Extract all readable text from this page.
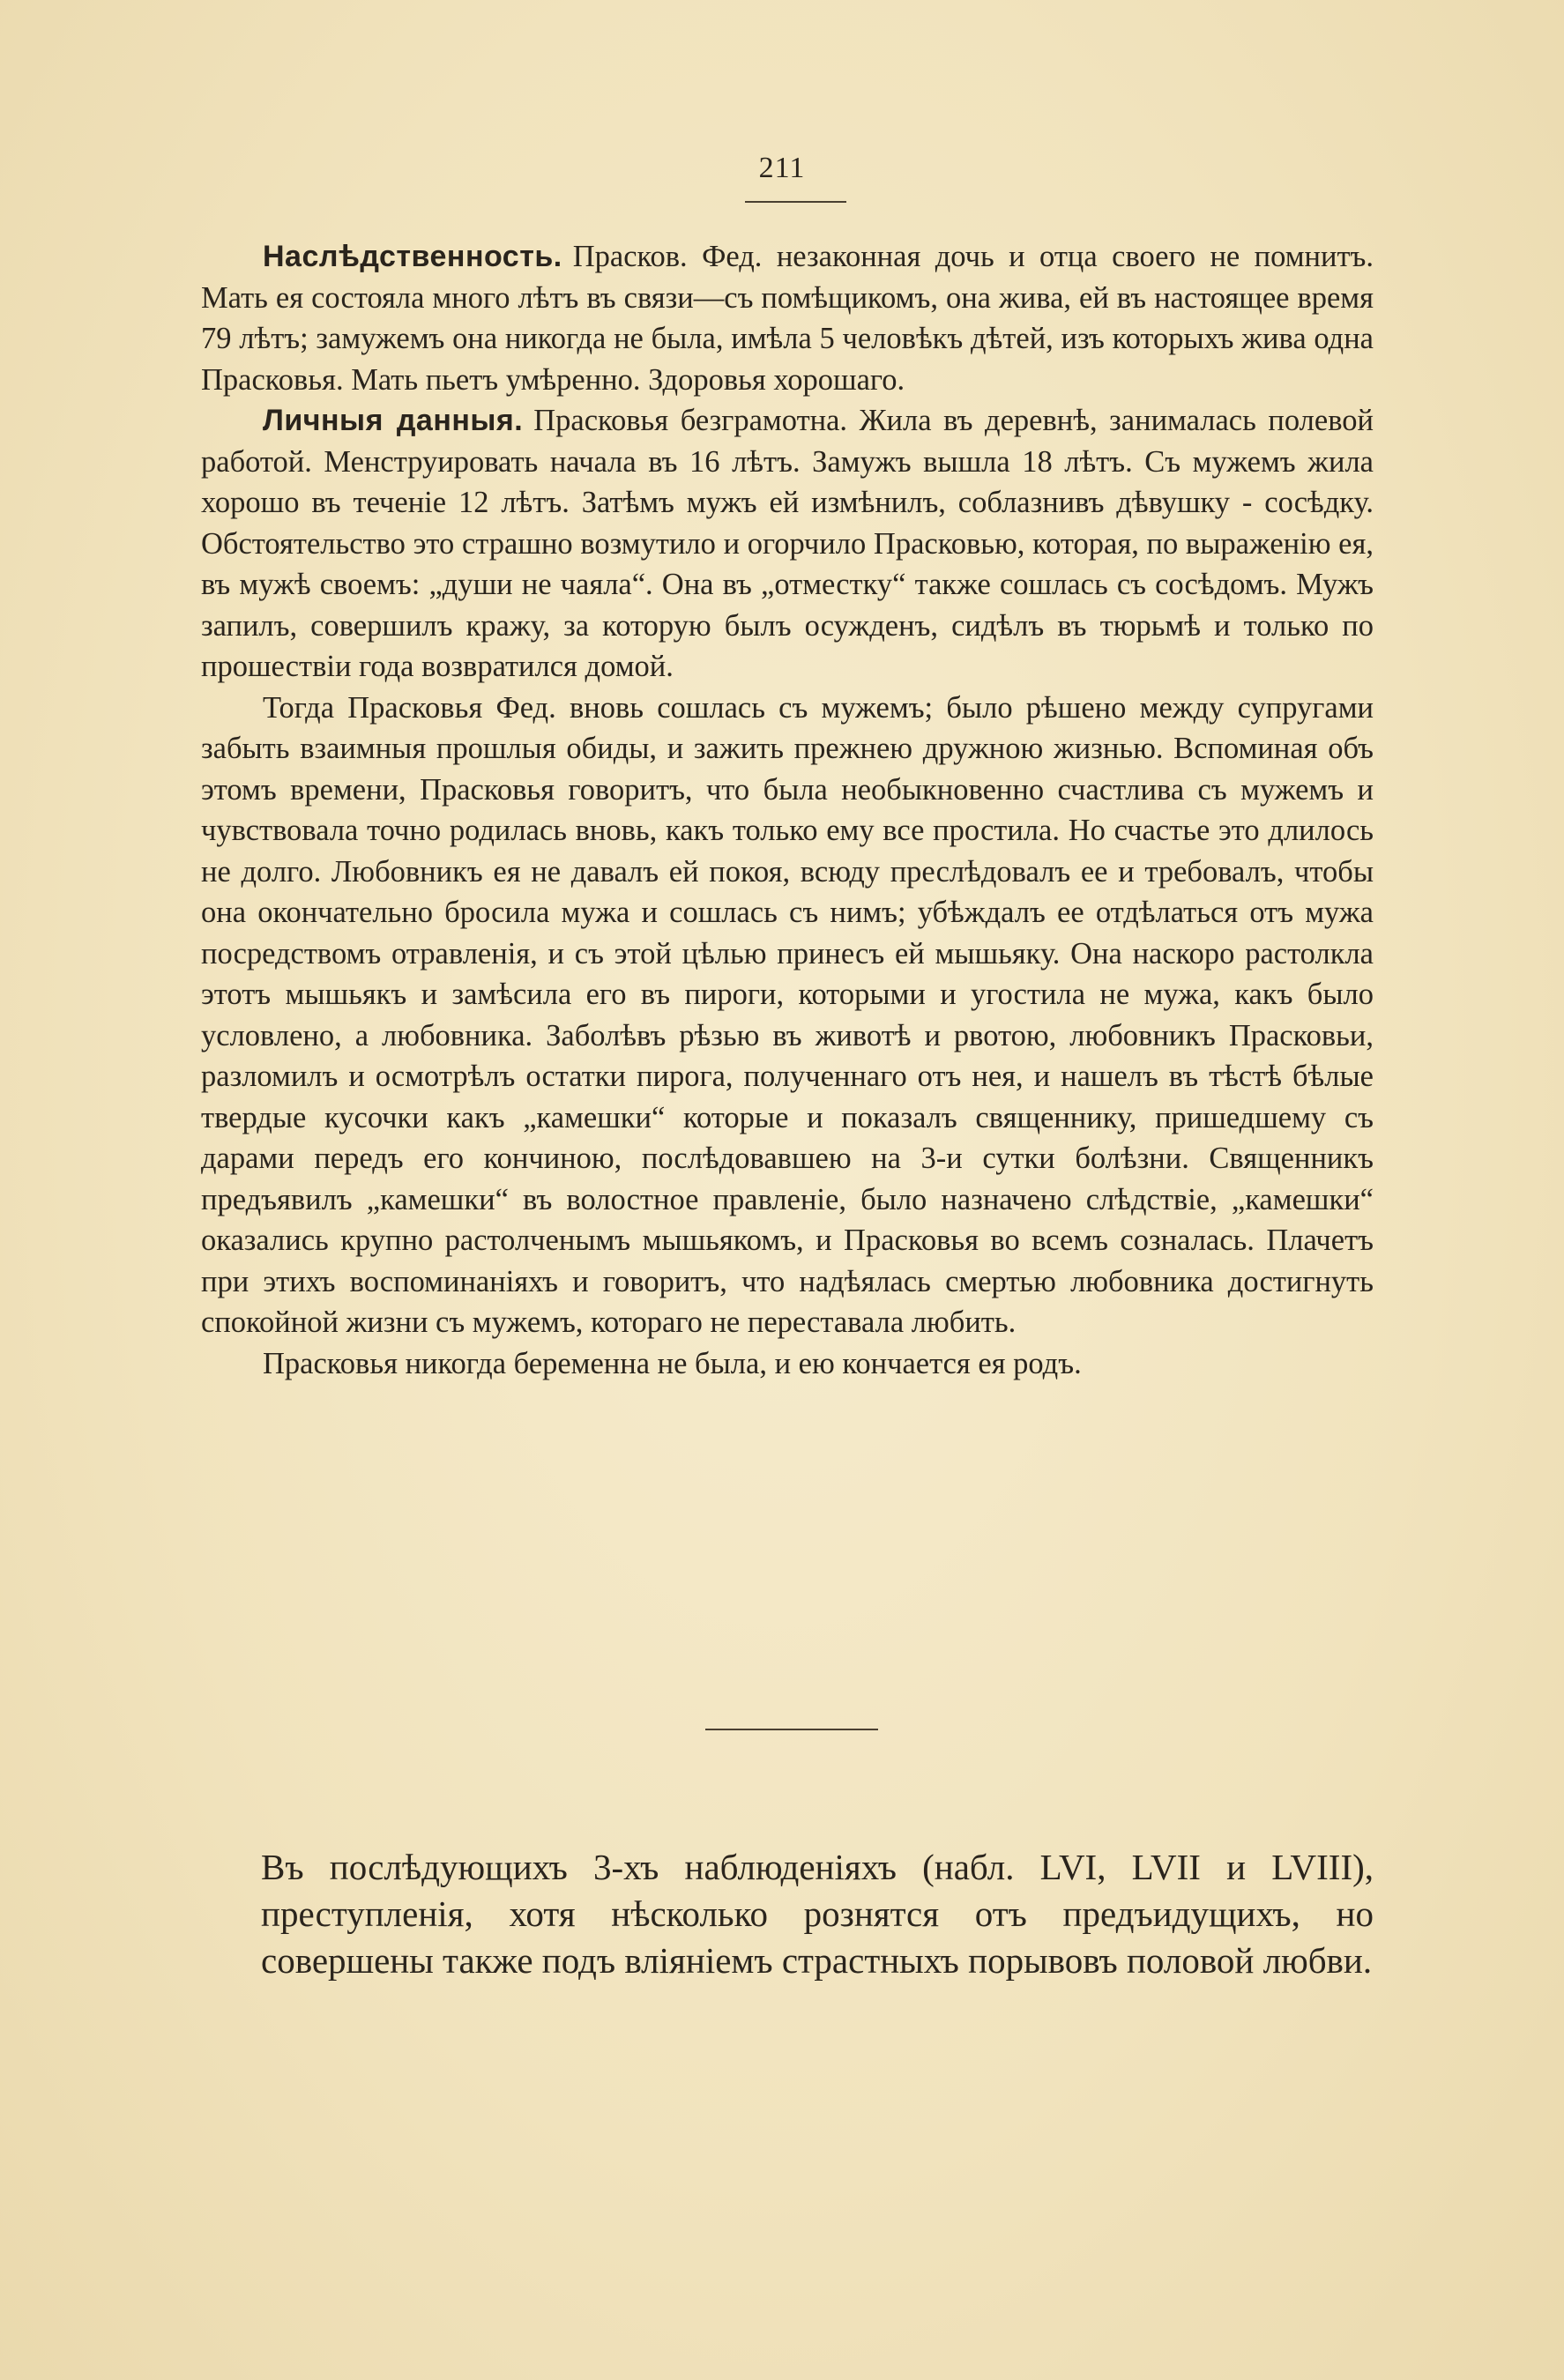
211

Наслѣдственность. Прасков. Фед. незаконная дочь и отца своего не помнитъ. Мать ея состояла много лѣтъ въ связи—съ помѣщикомъ, она жива, ей въ настоящее время 79 лѣтъ; замужемъ она никогда не была, имѣла 5 человѣкъ дѣтей, изъ которыхъ жива одна Прасковья. Мать пьетъ умѣренно. Здоровья хорошаго.

Личныя данныя. Прасковья безграмотна. Жила въ деревнѣ, занималась полевой работой. Менструировать начала въ 16 лѣтъ. Замужъ вышла 18 лѣтъ. Съ мужемъ жила хорошо въ теченіе 12 лѣтъ. Затѣмъ мужъ ей измѣнилъ, соблазнивъ дѣвушку - сосѣдку. Обстоятельство это страшно возмутило и огорчило Прасковью, которая, по выраженію ея, въ мужѣ своемъ: „души не чаяла“. Она въ „отместку“ также сошлась съ сосѣдомъ. Мужъ запилъ, совершилъ кражу, за которую былъ осужденъ, сидѣлъ въ тюрьмѣ и только по прошествіи года возвратился домой.

Тогда Прасковья Фед. вновь сошлась съ мужемъ; было рѣшено между супругами забыть взаимныя прошлыя обиды, и зажить прежнею дружною жизнью. Вспоминая объ этомъ времени, Прасковья говоритъ, что была необыкновенно счастлива съ мужемъ и чувствовала точно родилась вновь, какъ только ему все простила. Но счастье это длилось не долго. Любовникъ ея не давалъ ей покоя, всюду преслѣдовалъ ее и требовалъ, чтобы она окончательно бросила мужа и сошлась съ нимъ; убѣждалъ ее отдѣлаться отъ мужа посредствомъ отравленія, и съ этой цѣлью принесъ ей мышьяку. Она наскоро растолкла этотъ мышьякъ и замѣсила его въ пироги, которыми и угостила не мужа, какъ было условлено, а любовника. Заболѣвъ рѣзью въ животѣ и рвотою, любовникъ Прасковьи, разломилъ и осмотрѣлъ остатки пирога, полученнаго отъ нея, и нашелъ въ тѣстѣ бѣлые твердые кусочки какъ „камешки“ которые и показалъ священнику, пришедшему съ дарами передъ его кончиною, послѣдовавшею на 3-и сутки болѣзни. Священникъ предъявилъ „камешки“ въ волостное правленіе, было назначено слѣдствіе, „камешки“ оказались крупно растолченымъ мышьякомъ, и Прасковья во всемъ созналась. Плачетъ при этихъ воспоминаніяхъ и говоритъ, что надѣялась смертью любовника достигнуть спокойной жизни съ мужемъ, котораго не переставала любить.

Прасковья никогда беременна не была, и ею кончается ея родъ.

Въ послѣдующихъ 3-хъ наблюденіяхъ (набл. LVI, LVII и LVIII), преступленія, хотя нѣсколько рознятся отъ предъидущихъ, но совершены также подъ вліяніемъ страстныхъ порывовъ половой любви.
